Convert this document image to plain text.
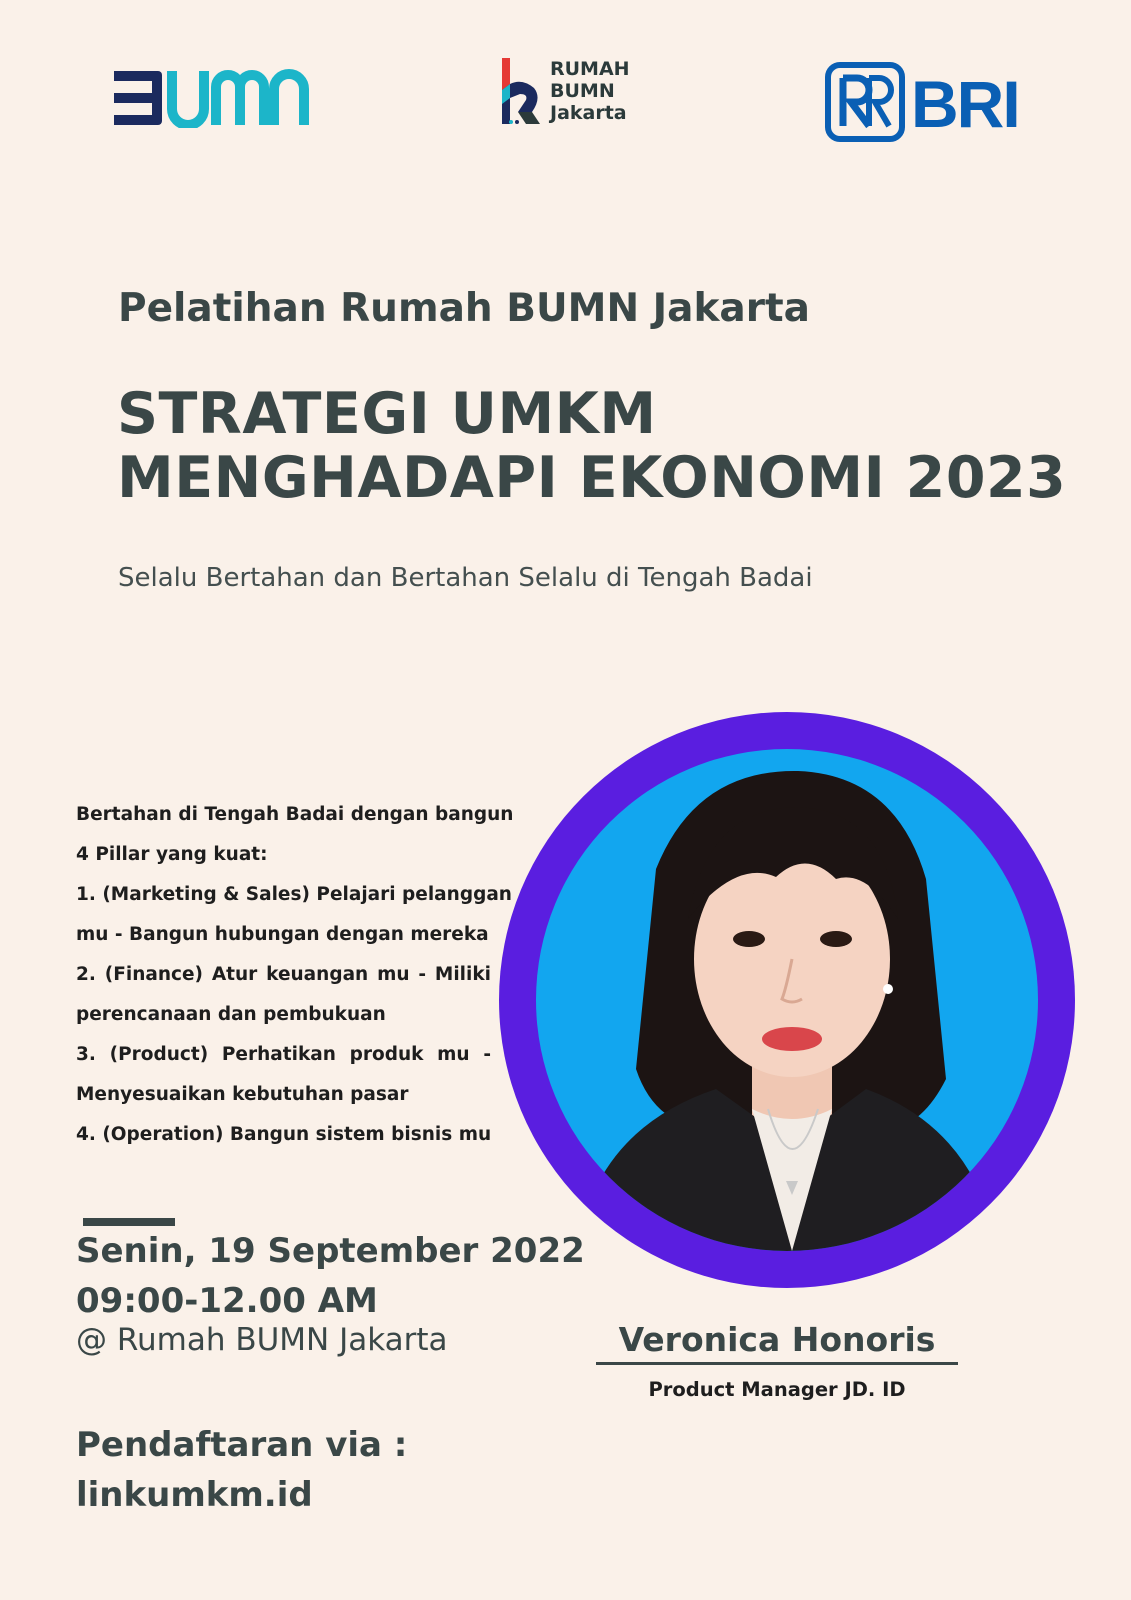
RUMAH
BUMN
Jakarta	BRI
Pelatihan Rumah BUMN Jakarta
STRATEGI UMKM
MENGHADAPI EKONOMI 2023
Selalu Bertahan dan Bertahan Selalu di Tengah Badai
Bertahan di Tengah Badai dengan bangun
4 Pillar yang kuat:
1. (Marketing & Sales) Pelajari pelanggan
mu - Bangun hubungan dengan mereka
2. (Finance) Atur keuangan mu - Miliki
perencanaan dan pembukuan
3. (Product) Perhatikan produk mu -
Menyesuaikan kebutuhan pasar
4. (Operation) Bangun sistem bisnis mu
Senin, 19 September 2022
09:00-12.00 AM
@ Rumah BUMN Jakarta
Pendaftaran via :
linkumkm.id
Veronica Honoris
Product Manager JD. ID
